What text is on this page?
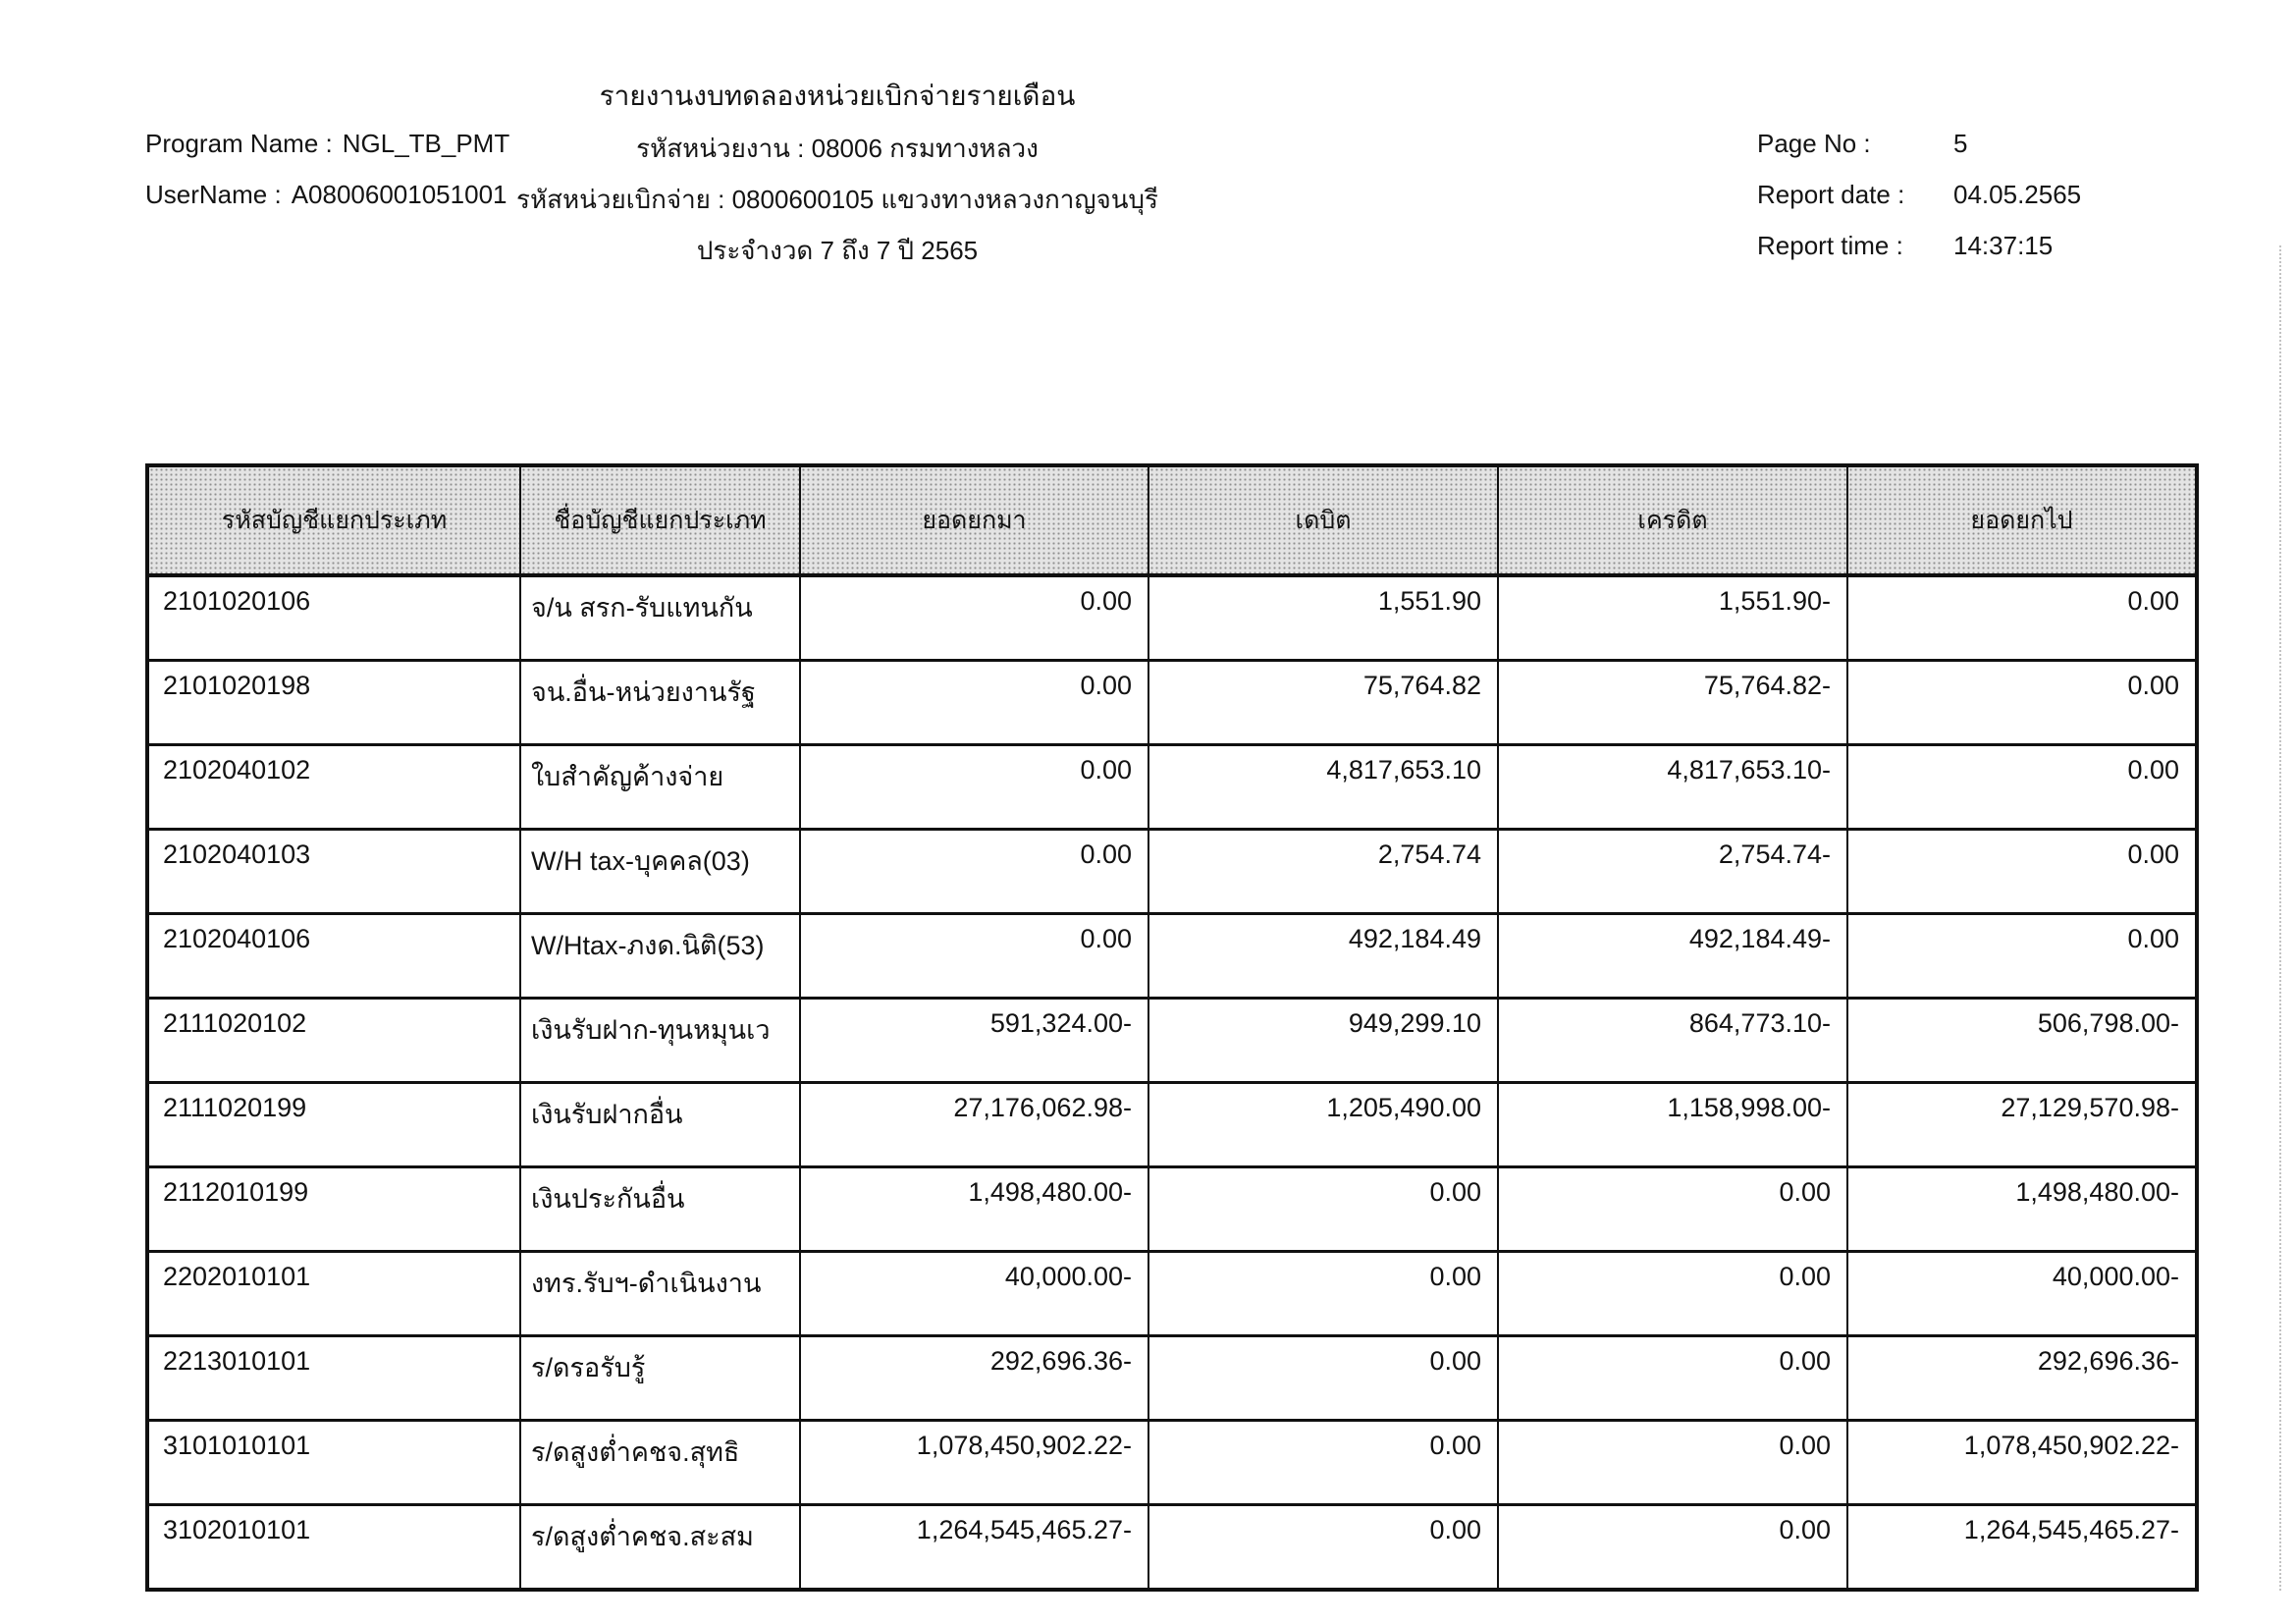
รายงานงบทดลองหน่วยเบิกจ่ายรายเดือน
Program Name : NGL_TB_PMT
UserName : A08006001051001
รหัสหน่วยงาน : 08006 กรมทางหลวง
รหัสหน่วยเบิกจ่าย : 0800600105 แขวงทางหลวงกาญจนบุรี
ประจำงวด 7 ถึง 7 ปี 2565
Page No :	5
Report date : 04.05.2565
Report time : 14:37:15
รหัสบัญชีแยกประเภท	ชื่อบัญชีแยกประเภท	ยอดยกมา	เดบิต	เครดิต	ยอดยกไป
2101020106	จ/น สรก-รับแทนกัน	0.00	1,551.90	1,551.90-	0.00
2101020198	จน.อื่น-หน่วยงานรัฐ	0.00	75,764.82	75,764.82-	0.00
2102040102	ใบสำคัญค้างจ่าย	0.00	4,817,653.10	4,817,653.10-	0.00
2102040103	W/H tax-บุคคล(03)	0.00	2,754.74	2,754.74-	0.00
2102040106	W/Htax-ภงด.นิติ(53)	0.00	492,184.49	492,184.49-	0.00
2111020102	เงินรับฝาก-ทุนหมุนเว	591,324.00-	949,299.10	864,773.10-	506,798.00-
2111020199	เงินรับฝากอื่น	27,176,062.98-	1,205,490.00	1,158,998.00-	27,129,570.98-
2112010199	เงินประกันอื่น	1,498,480.00-	0.00	0.00	1,498,480.00-
2202010101	งทร.รับฯ-ดำเนินงาน	40,000.00-	0.00	0.00	40,000.00-
2213010101	ร/ดรอรับรู้	292,696.36-	0.00	0.00	292,696.36-
3101010101	ร/ดสูงต่ำคชจ.สุทธิ	1,078,450,902.22-	0.00	0.00	1,078,450,902.22-
3102010101	ร/ดสูงต่ำคชจ.สะสม	1,264,545,465.27-	0.00	0.00	1,264,545,465.27-
